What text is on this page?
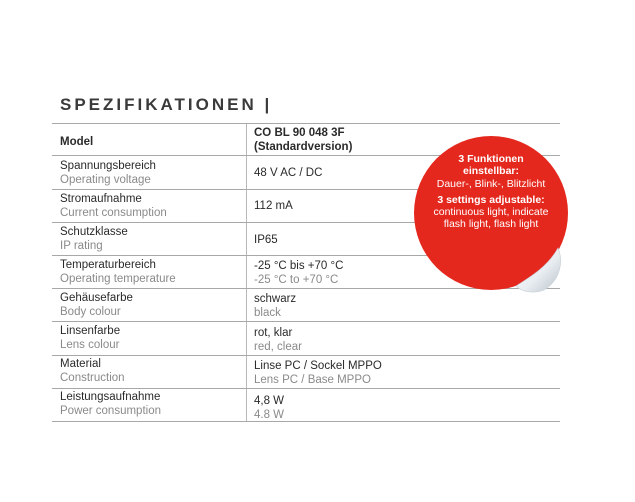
SPEZIFIKATIONEN |
Model
CO BL 90 048 3F
(Standardversion)
Spannungsbereich
Operating voltage
48 V AC / DC
Stromaufnahme
Current consumption
112 mA
Schutzklasse
IP rating	IP65
Temperaturbereich
Operating temperature
-25 °C bis +70 °C
-25 °C to +70 °C
Gehäusefarbe
Body colour
schwarz
black
Linsenfarbe
Lens colour
rot, klar
red, clear
Material
Construction
Linse PC / Sockel MPPO
Lens PC / Base MPPO
Leistungsaufnahme
Power consumption
4,8 W
4.8 W
3 Funktionen
einstellbar:
Dauer-, Blink-, Blitzlicht
3 settings adjustable:
continuous light, indicate
flash light, flash light
